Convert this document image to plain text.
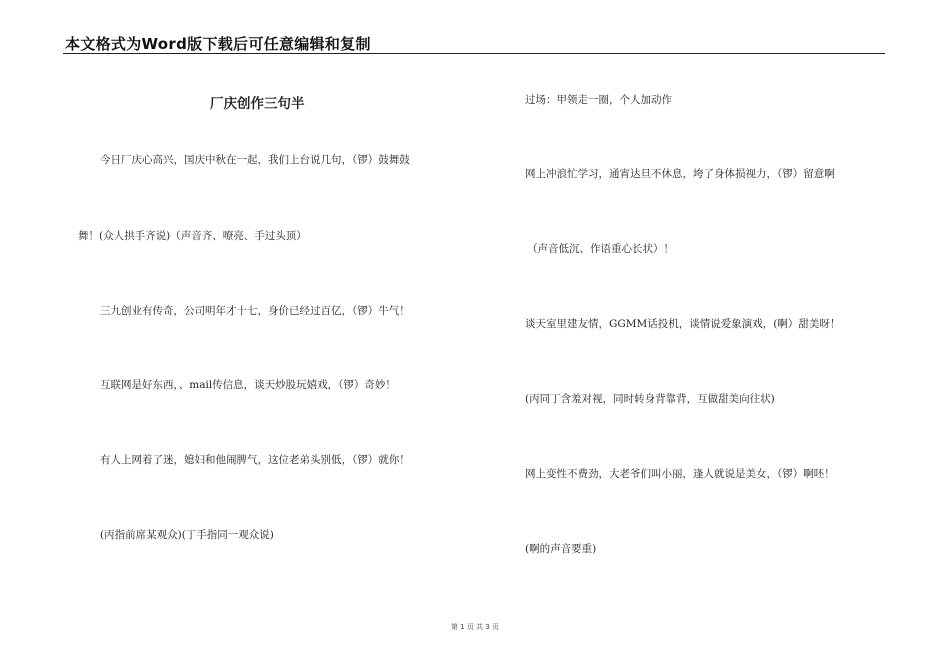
本文格式为Word版下载后可任意编辑和复制
厂庆创作三句半
今日厂庆心高兴，国庆中秋在一起，我们上台说几句，（锣）鼓舞鼓
舞！(众人拱手齐说)（声音齐、嘹亮、手过头顶）
三九创业有传奇，公司明年才十七，身价已经过百亿，（锣）牛气！
互联网是好东西，、mail传信息，谈天炒股玩嬉戏，（锣）奇妙！
有人上网着了迷，媳妇和他闹脾气，这位老弟头别低，（锣）就你！
(丙指前席某观众)(丁手指同一观众说)
过场：甲领走一圈，个人加动作
网上冲浪忙学习，通宵达旦不休息，垮了身体损视力，（锣）留意啊
（声音低沉、作语重心长状）！
谈天室里建友情，GGMM话投机，谈情说爱象演戏，(啊）甜美呀！
(丙同丁含羞对视，同时转身背靠背，互做甜美向往状)
网上变性不费劲，大老爷们叫小丽，逢人就说是美女，（锣）啊呸！
(啊的声音要重)
第 1 页 共 3 页
